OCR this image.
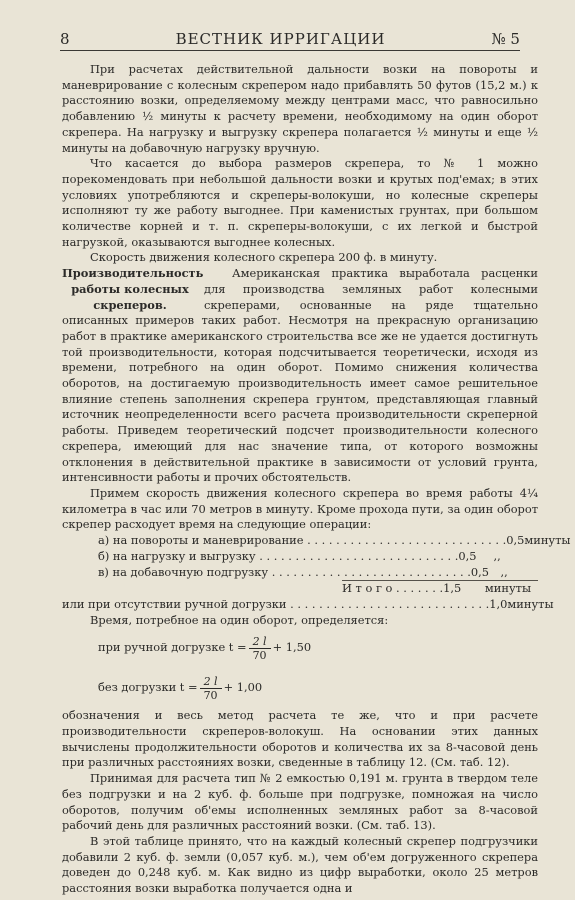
8	ВЕСТНИК ИРРИГАЦИИ	№ 5

При расчетах действительной дальности возки на повороты и маневрирование с колесным скрепером надо прибавлять 50 футов (15,2 м.) к расстоянию возки, определяемому между центрами масс, что равносильно добавлению ½ минуты к расчету времени, необходимому на один оборот скрепера. На нагрузку и выгрузку скрепера полагается ½ минуты и еще ½ минуты на добавочную нагрузку вручную.

Что касается до выбора размеров скрепера, то № 1 можно порекомендовать при небольшой дальности возки и крутых под'емах; в этих условиях употребляются и скреперы-волокуши, но колесные скреперы исполняют ту же работу выгоднее. При каменистых грунтах, при большом количестве корней и т. п. скреперы-волокуши, с их легкой и быстрой нагрузкой, оказываются выгоднее колесных.

Скорость движения колесного скрепера 200 ф. в минуту.

Производительность работы колесных скреперов.

Американская практика выработала расценки для производства земляных работ колесными скреперами, основанные на ряде тщательно описанных примеров таких работ. Несмотря на прекрасную организацию работ в практике американского строительства все же не удается достигнуть той производительности, которая подсчитывается теоретически, исходя из времени, потребного на один оборот. Помимо снижения количества оборотов, на достигаемую производительность имеет самое решительное влияние степень заполнения скрепера грунтом, представляющая главный источник неопределенности всего расчета производительности скреперной работы. Приведем теоретический подсчет производительности колесного скрепера, имеющий для нас значение типа, от которого возможны отклонения в действительной практике в зависимости от условий грунта, интенсивности работы и прочих обстоятельств.

Примем скорость движения колесного скрепера во время работы 4¼ километра в час или 70 метров в минуту. Кроме прохода пути, за один оборот скрепер расходует время на следующие операции:

а) на повороты и маневрирование . . . . . . . . . . . . . . . . . . . . . . . . . . . . 0,5 минуты
б) на нагрузку и выгрузку . . . . . . . . . . . . . . . . . . . . . . . . . . . . 0,5	,,
в) на добавочную подгрузку . . . . . . . . . . . . . . . . . . . . . . . . . . . . 0,5	,,
И т о г о . . . . . . . 1,5	минуты
или при отсутствии ручной догрузки . . . . . . . . . . . . . . . . . . . . . . . . . . . . 1,0 минуты

Время, потребное на один оборот, определяется:

при ручной догрузке $t = \frac{2 l}{70} + 1,50$
без догрузки $t = \frac{2 l}{70} + 1,00$

обозначения и весь метод расчета те же, что и при расчете производительности скреперов-волокуш. На основании этих данных вычислены продолжительности оборотов и количества их за 8-часовой день при различных расстояниях возки, сведенные в таблицу 12. (См. таб. 12).

Принимая для расчета тип № 2 емкостью 0,191 м. грунта в твердом теле без подгрузки и на 2 куб. ф. больше при подгрузке, помножая на число оборотов, получим об'емы исполненных земляных работ за 8-часовой рабочий день для различных расстояний возки. (См. таб. 13).

В этой таблице принято, что на каждый колесный скрепер подгрузчики добавили 2 куб. ф. земли (0,057 куб. м.), чем об'ем догруженного скрепера доведен до 0,248 куб. м. Как видно из цифр выработки, около 25 метров расстояния возки выработка получается одна и
